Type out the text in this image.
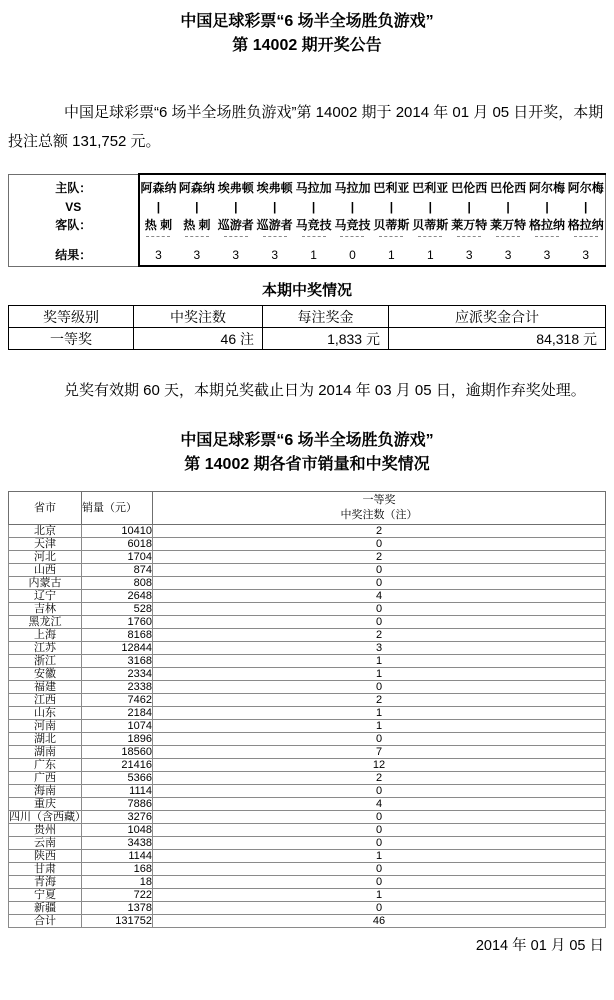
中国足球彩票“6 场半全场胜负游戏”
第 14002 期开奖公告

中国足球彩票“6 场半全场胜负游戏”第 14002 期于 2014 年 01 月 05 日开奖，本期投注总额 131,752 元。

主队：	阿森纳	阿森纳	埃弗顿	埃弗顿	马拉加	马拉加	巴利亚	巴利亚	巴伦西	巴伦西	阿尔梅	阿尔梅
VS	|	|	|	|	|	|	|	|	|	|	|	|
客队：	热 刺	热 刺	巡游者	巡游者	马竞技	马竞技	贝蒂斯	贝蒂斯	莱万特	莱万特	格拉纳	格拉纳

结果：	3	3	3	3	1	0	1	1	3	3	3	3
本期中奖情况
奖等级别	中奖注数	每注奖金	应派奖金合计
一等奖	46 注	1,833 元	84,318 元

兑奖有效期 60 天，本期兑奖截止日为 2014 年 03 月 05 日，逾期作弃奖处理。

中国足球彩票“6 场半全场胜负游戏”
第 14002 期各省市销量和中奖情况
省市	销量（元）	一等奖
中奖注数（注）

北京	10410	2
天津	6018	0
河北	1704	2
山西	874	0
内蒙古	808	0
辽宁	2648	4
吉林	528	0
黑龙江	1760	0
上海	8168	2
江苏	12844	3
浙江	3168	1
安徽	2334	1
福建	2338	0
江西	7462	2
山东	2184	1
河南	1074	1
湖北	1896	0
湖南	18560	7
广东	21416	12
广西	5366	2
海南	1114	0
重庆	7886	4
四川（含西藏）	3276	0
贵州	1048	0
云南	3438	0
陕西	1144	1
甘肃	168	0
青海	18	0
宁夏	722	1
新疆	1378	0
合计	131752	46
2014 年 01 月 05 日
